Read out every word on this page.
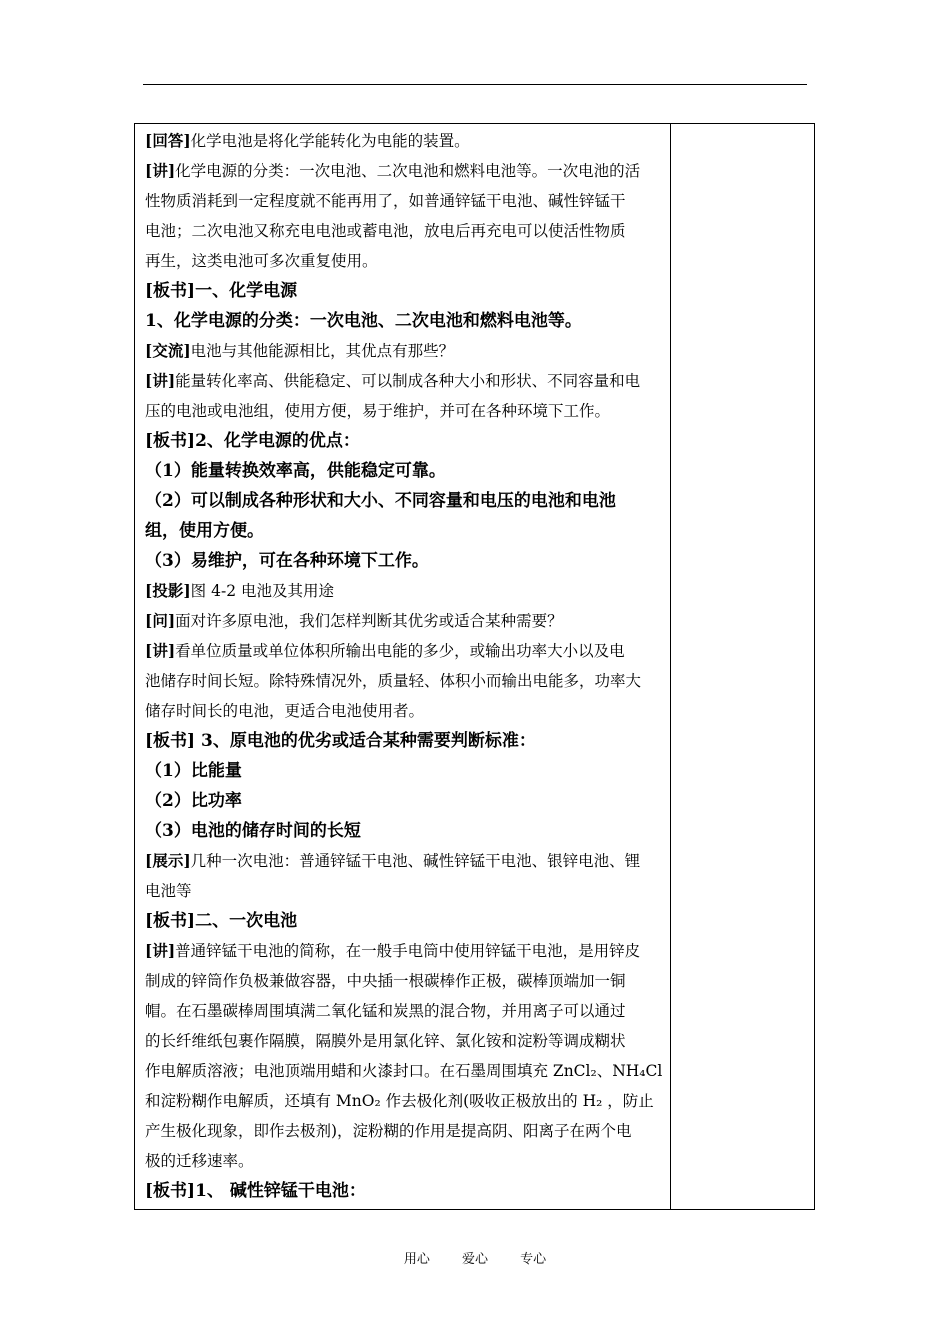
[回答]化学电池是将化学能转化为电能的装置。

[讲]化学电源的分类：一次电池、二次电池和燃料电池等。一次电池的活

性物质消耗到一定程度就不能再用了，如普通锌锰干电池、碱性锌锰干

电池；二次电池又称充电电池或蓄电池，放电后再充电可以使活性物质

再生，这类电池可多次重复使用。

[板书]一、化学电源

1、化学电源的分类：一次电池、二次电池和燃料电池等。

[交流]电池与其他能源相比，其优点有那些？

[讲]能量转化率高、供能稳定、可以制成各种大小和形状、不同容量和电

压的电池或电池组，使用方便，易于维护，并可在各种环境下工作。

[板书]2、化学电源的优点：

（1）能量转换效率高，供能稳定可靠。

（2）可以制成各种形状和大小、不同容量和电压的电池和电池

组，使用方便。

（3）易维护，可在各种环境下工作。

[投影]图 4-2 电池及其用途

[问]面对许多原电池，我们怎样判断其优劣或适合某种需要？

[讲]看单位质量或单位体积所输出电能的多少，或输出功率大小以及电

池储存时间长短。除特殊情况外，质量轻、体积小而输出电能多，功率大

储存时间长的电池，更适合电池使用者。

[板书] 3、原电池的优劣或适合某种需要判断标准：

（1）比能量

（2）比功率

（3）电池的储存时间的长短

[展示]几种一次电池：普通锌锰干电池、碱性锌锰干电池、银锌电池、锂

电池等

[板书]二、一次电池

[讲]普通锌锰干电池的简称，在一般手电筒中使用锌锰干电池，是用锌皮

制成的锌筒作负极兼做容器，中央插一根碳棒作正极，碳棒顶端加一铜

帽。在石墨碳棒周围填满二氧化锰和炭黑的混合物，并用离子可以通过

的长纤维纸包裹作隔膜，隔膜外是用氯化锌、氯化铵和淀粉等调成糊状

作电解质溶液；电池顶端用蜡和火漆封口。在石墨周围填充 ZnCl₂、NH₄Cl

和淀粉糊作电解质，还填有 MnO₂ 作去极化剂(吸收正极放出的 H₂ ，防止

产生极化现象，即作去极剂)，淀粉糊的作用是提高阴、阳离子在两个电

极的迁移速率。

[板书]1、 碱性锌锰干电池：

用心 爱心 专心
